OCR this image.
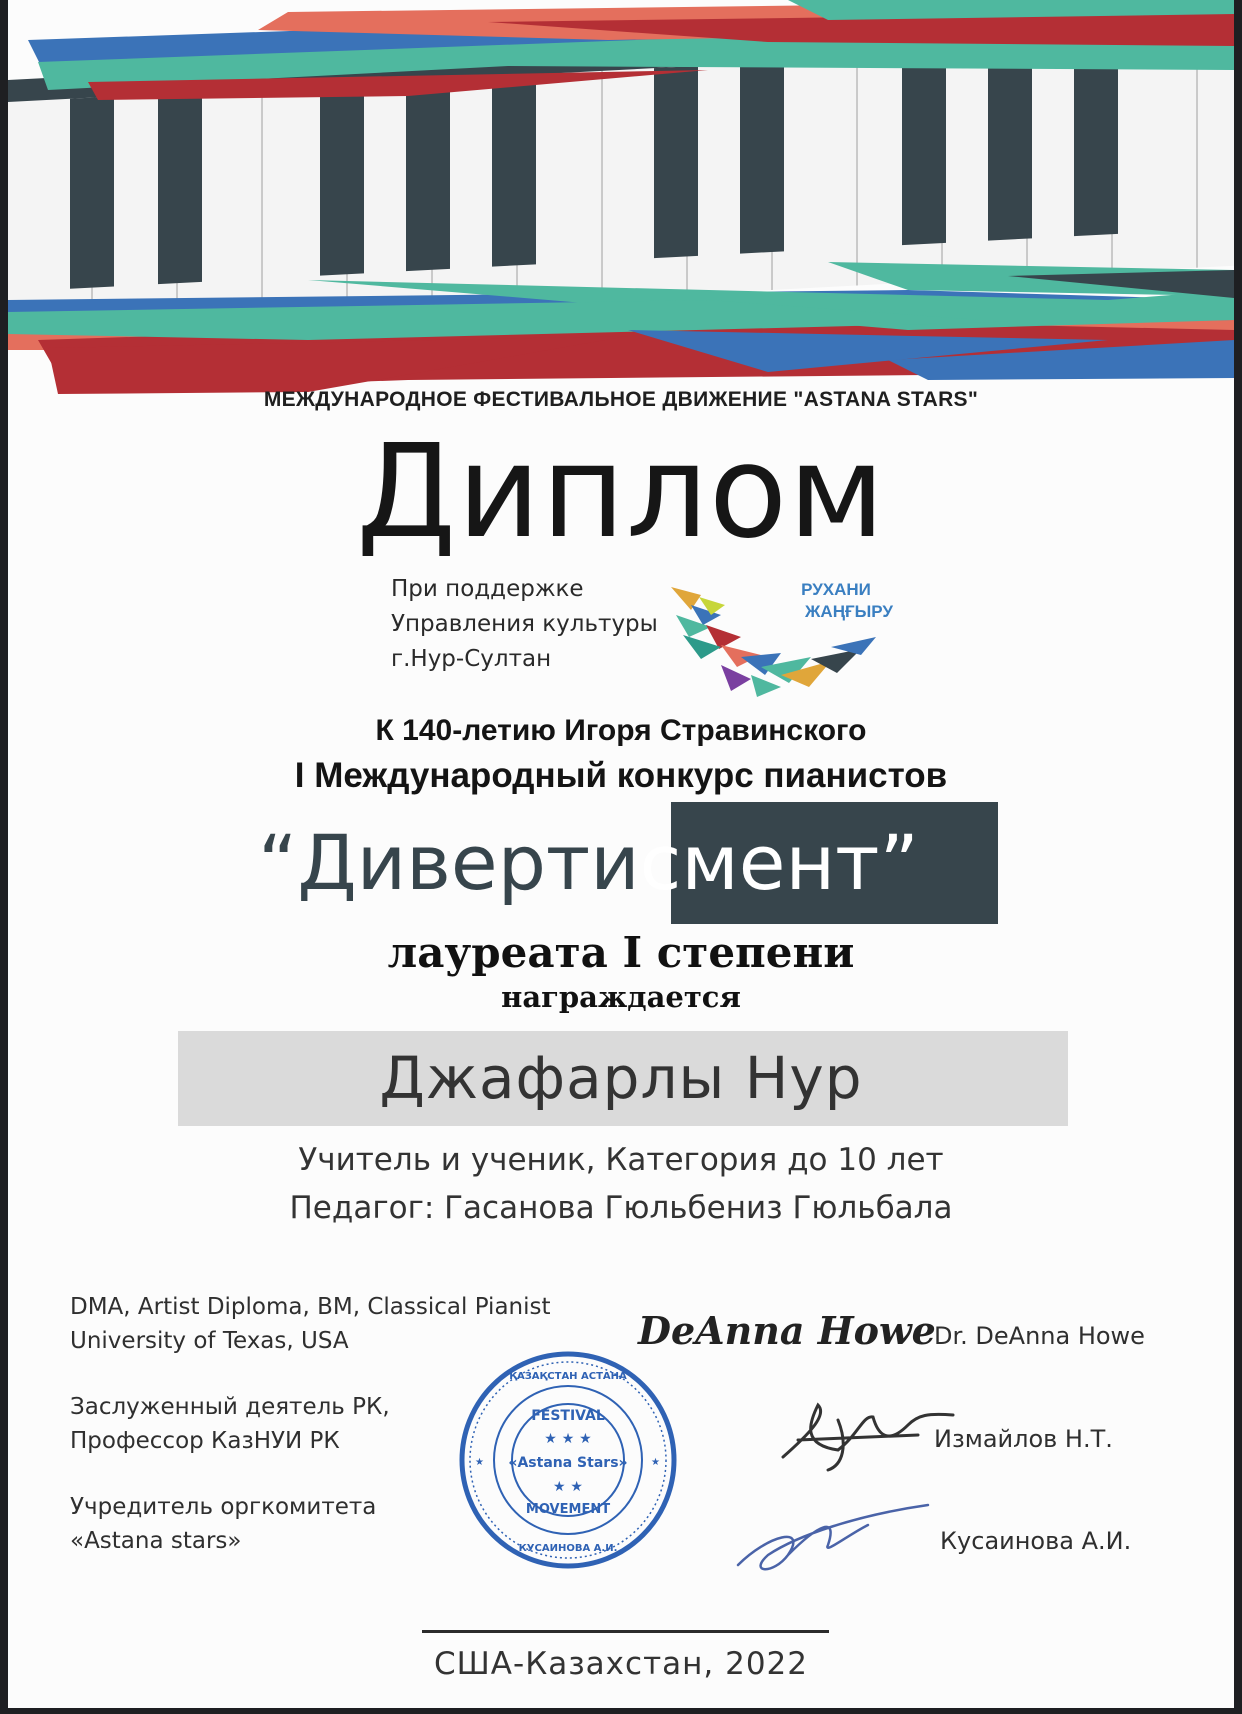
МЕЖДУНАРОДНОЕ ФЕСТИВАЛЬНОЕ ДВИЖЕНИЕ "ASTANA STARS"
Диплом
При поддержке
Управления культуры
г.Нур-Султан
РУХАНИ
ЖАҢҒЫРУ
К 140-летию Игоря Стравинского
I Международный конкурс пианистов
“Дивертисмент”
лауреата I степени
награждается
Джафарлы Нур
Учитель и ученик, Категория до 10 лет
Педагог: Гасанова Гюльбениз Гюльбала
DMA, Artist Diploma, BM, Classical Pianist
University of Texas, USA
Заслуженный деятель РК,
Профессор КазНУИ РК
Учредитель оргкомитета
«Astana stars»
DeAnna Howe
Dr. DeAnna Howe
Измайлов Н.Т.
Кусаинова А.И.
FESTIVAL
★ ★ ★
«Astana Stars»
★ ★
MOVEMENT
ҚАЗАҚСТАН АСТАНА
КУСАИНОВА А.И.
★	★
США-Казахстан, 2022
